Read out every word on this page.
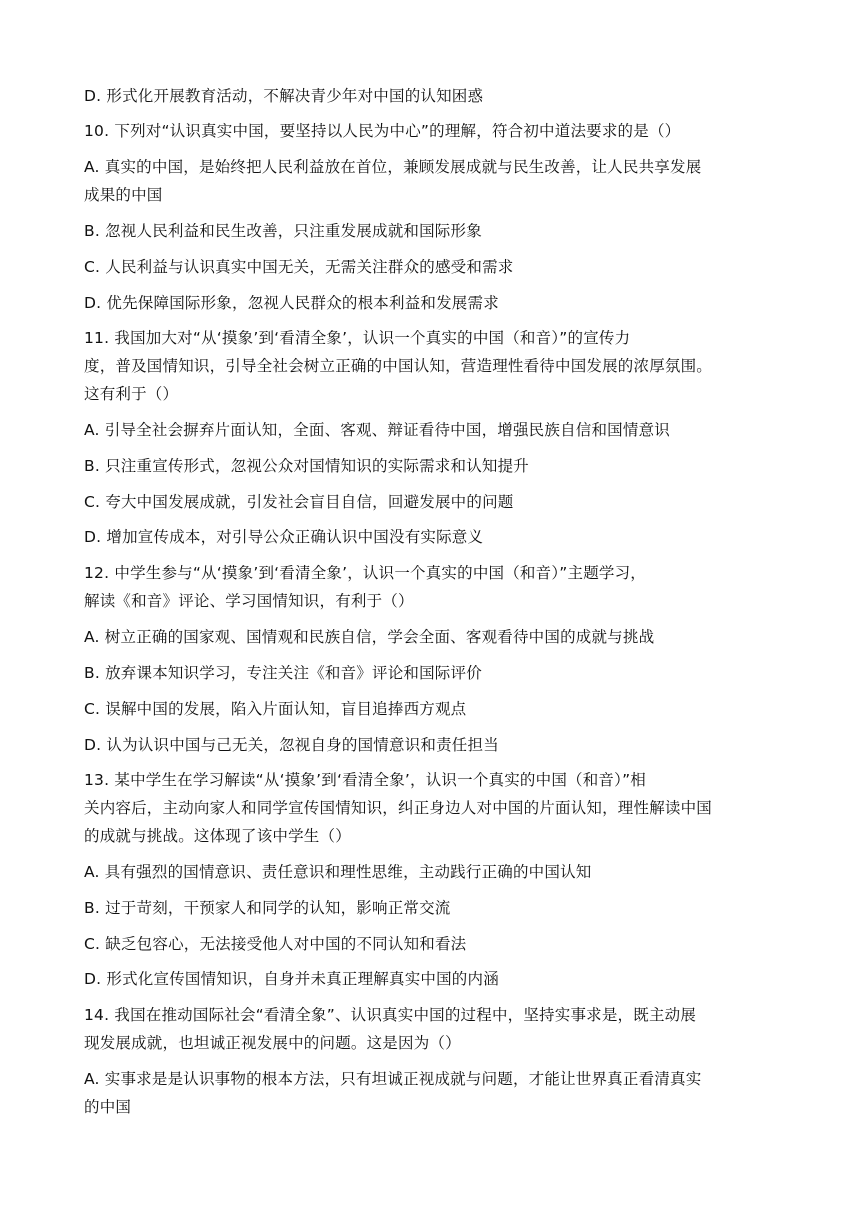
D. 形式化开展教育活动，不解决青少年对中国的认知困惑
10. 下列对“认识真实中国，要坚持以人民为中心”的理解，符合初中道法要求的是（）
A. 真实的中国，是始终把人民利益放在首位，兼顾发展成就与民生改善，让人民共享发展
成果的中国
B. 忽视人民利益和民生改善，只注重发展成就和国际形象
C. 人民利益与认识真实中国无关，无需关注群众的感受和需求
D. 优先保障国际形象，忽视人民群众的根本利益和发展需求
11. 我国加大对“从‘摸象’到‘看清全象’，认识一个真实的中国（和音）”的宣传力
度，普及国情知识，引导全社会树立正确的中国认知，营造理性看待中国发展的浓厚氛围。
这有利于（）
A. 引导全社会摒弃片面认知，全面、客观、辩证看待中国，增强民族自信和国情意识
B. 只注重宣传形式，忽视公众对国情知识的实际需求和认知提升
C. 夸大中国发展成就，引发社会盲目自信，回避发展中的问题
D. 增加宣传成本，对引导公众正确认识中国没有实际意义
12. 中学生参与“从‘摸象’到‘看清全象’，认识一个真实的中国（和音）”主题学习，
解读《和音》评论、学习国情知识，有利于（）
A. 树立正确的国家观、国情观和民族自信，学会全面、客观看待中国的成就与挑战
B. 放弃课本知识学习，专注关注《和音》评论和国际评价
C. 误解中国的发展，陷入片面认知，盲目追捧西方观点
D. 认为认识中国与己无关，忽视自身的国情意识和责任担当
13. 某中学生在学习解读“从‘摸象’到‘看清全象’，认识一个真实的中国（和音）”相
关内容后，主动向家人和同学宣传国情知识，纠正身边人对中国的片面认知，理性解读中国
的成就与挑战。这体现了该中学生（）
A. 具有强烈的国情意识、责任意识和理性思维，主动践行正确的中国认知
B. 过于苛刻，干预家人和同学的认知，影响正常交流
C. 缺乏包容心，无法接受他人对中国的不同认知和看法
D. 形式化宣传国情知识，自身并未真正理解真实中国的内涵
14. 我国在推动国际社会“看清全象”、认识真实中国的过程中，坚持实事求是，既主动展
现发展成就，也坦诚正视发展中的问题。这是因为（）
A. 实事求是是认识事物的根本方法，只有坦诚正视成就与问题，才能让世界真正看清真实
的中国
